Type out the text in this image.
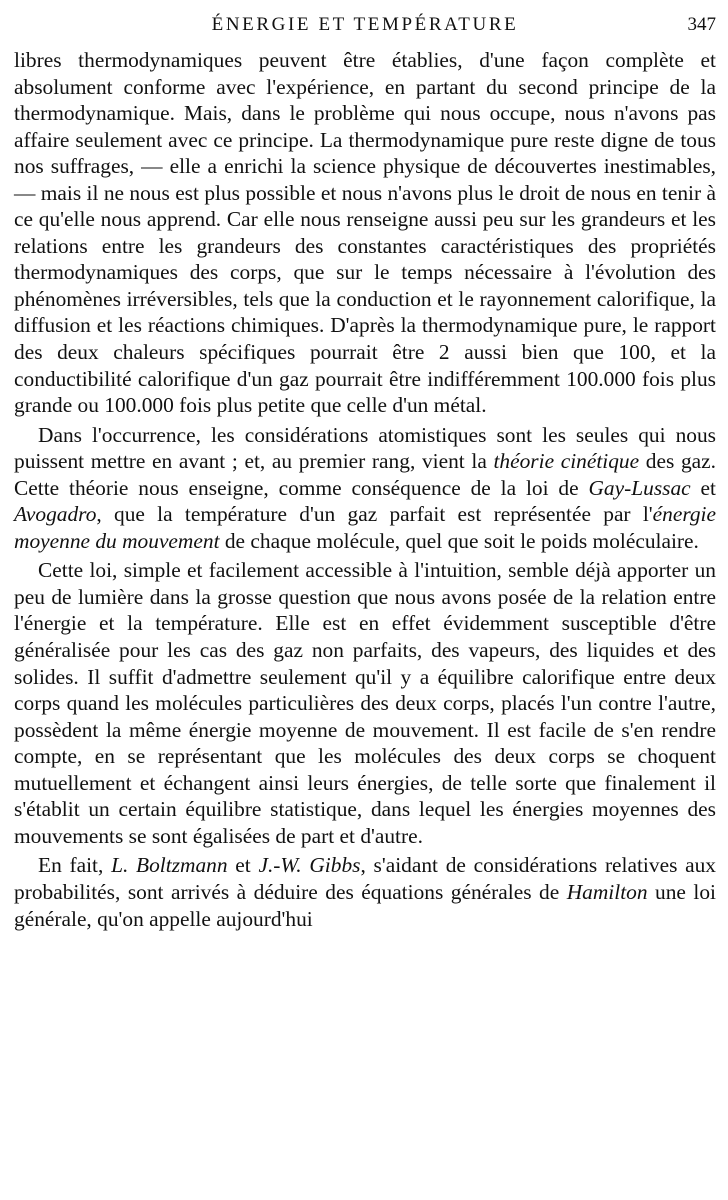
ÉNERGIE ET TEMPÉRATURE	347

libres thermodynamiques peuvent être établies, d'une façon complète et absolument conforme avec l'expérience, en partant du second principe de la thermodynamique. Mais, dans le problème qui nous occupe, nous n'avons pas affaire seulement avec ce principe. La thermodynamique pure reste digne de tous nos suffrages, — elle a enrichi la science physique de découvertes inestimables, — mais il ne nous est plus possible et nous n'avons plus le droit de nous en tenir à ce qu'elle nous apprend. Car elle nous renseigne aussi peu sur les grandeurs et les relations entre les grandeurs des constantes caractéristiques des propriétés thermodynamiques des corps, que sur le temps nécessaire à l'évolution des phénomènes irréversibles, tels que la conduction et le rayonnement calorifique, la diffusion et les réactions chimiques. D'après la thermodynamique pure, le rapport des deux chaleurs spécifiques pourrait être 2 aussi bien que 100, et la conductibilité calorifique d'un gaz pourrait être indifféremment 100.000 fois plus grande ou 100.000 fois plus petite que celle d'un métal.

Dans l'occurrence, les considérations atomistiques sont les seules qui nous puissent mettre en avant ; et, au premier rang, vient la théorie cinétique des gaz. Cette théorie nous enseigne, comme conséquence de la loi de Gay-Lussac et Avogadro, que la température d'un gaz parfait est représentée par l'énergie moyenne du mouvement de chaque molécule, quel que soit le poids moléculaire.

Cette loi, simple et facilement accessible à l'intuition, semble déjà apporter un peu de lumière dans la grosse question que nous avons posée de la relation entre l'énergie et la température. Elle est en effet évidemment susceptible d'être généralisée pour les cas des gaz non parfaits, des vapeurs, des liquides et des solides. Il suffit d'admettre seulement qu'il y a équilibre calorifique entre deux corps quand les molécules particulières des deux corps, placés l'un contre l'autre, possèdent la même énergie moyenne de mouvement. Il est facile de s'en rendre compte, en se représentant que les molécules des deux corps se choquent mutuellement et échangent ainsi leurs énergies, de telle sorte que finalement il s'établit un certain équilibre statistique, dans lequel les énergies moyennes des mouvements se sont égalisées de part et d'autre.

En fait, L. Boltzmann et J.-W. Gibbs, s'aidant de considérations relatives aux probabilités, sont arrivés à déduire des équations générales de Hamilton une loi générale, qu'on appelle aujourd'hui
